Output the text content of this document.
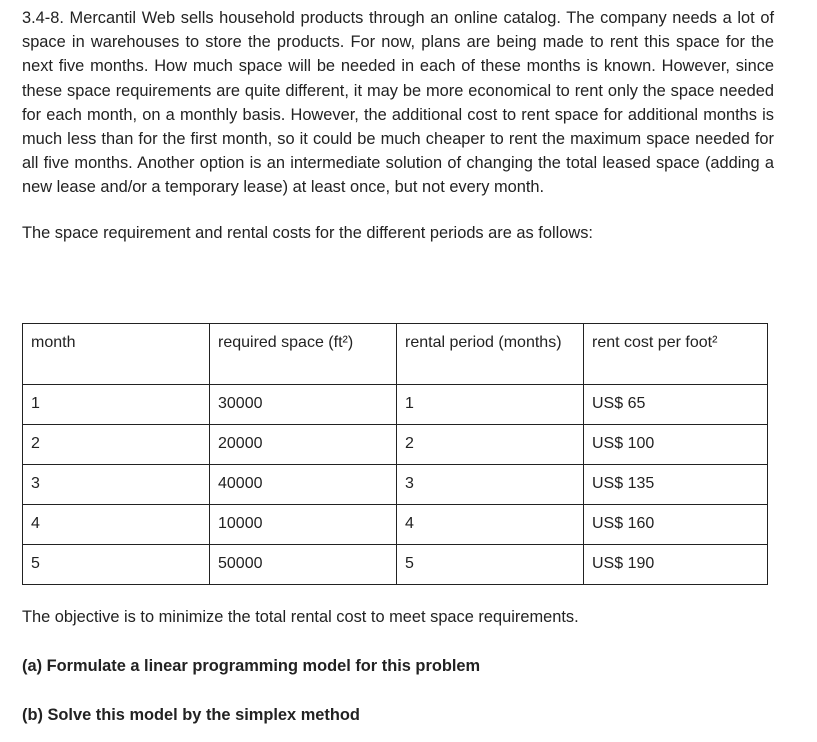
3.4-8. Mercantil Web sells household products through an online catalog. The company needs a lot of space in warehouses to store the products. For now, plans are being made to rent this space for the next five months. How much space will be needed in each of these months is known. However, since these space requirements are quite different, it may be more economical to rent only the space needed for each month, on a monthly basis. However, the additional cost to rent space for additional months is much less than for the first month, so it could be much cheaper to rent the maximum space needed for all five months. Another option is an intermediate solution of changing the total leased space (adding a new lease and/or a temporary lease) at least once, but not every month.

The space requirement and rental costs for the different periods are as follows:

month	required space (ft²)	rental period (months)	rent cost per foot²
1	30000	1	US$ 65
2	20000	2	US$ 100
3	40000	3	US$ 135
4	10000	4	US$ 160
5	50000	5	US$ 190

The objective is to minimize the total rental cost to meet space requirements.

(a) Formulate a linear programming model for this problem

(b) Solve this model by the simplex method
